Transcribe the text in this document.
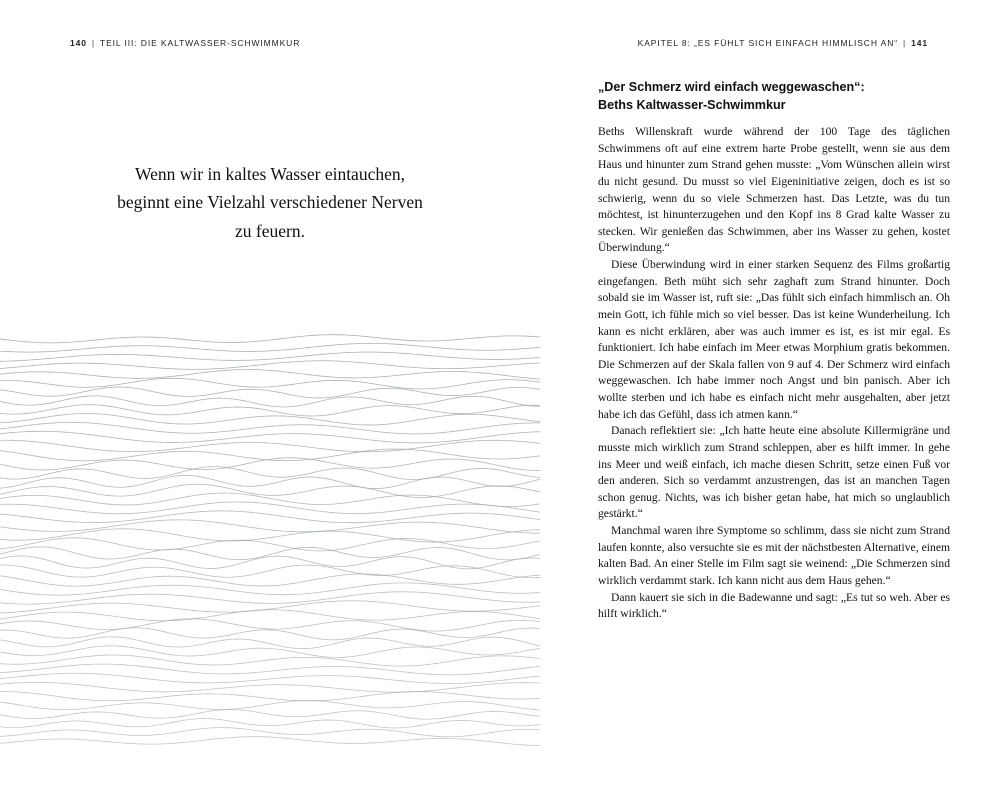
140 | TEIL III: DIE KALTWASSER-SCHWIMMKUR
Wenn wir in kaltes Wasser eintauchen,
beginnt eine Vielzahl verschiedener Nerven
zu feuern.
KAPITEL 8: „ES FÜHLT SICH EINFACH HIMMLISCH AN“ | 141
„Der Schmerz wird einfach weggewaschen“:
Beths Kaltwasser-Schwimmkur

Beths Willenskraft wurde während der 100 Tage des täglichen Schwimmens oft auf eine extrem harte Probe gestellt, wenn sie aus dem Haus und hinunter zum Strand gehen musste: „Vom Wünschen allein wirst du nicht gesund. Du musst so viel Eigeninitiative zeigen, doch es ist so schwierig, wenn du so viele Schmerzen hast. Das Letzte, was du tun möchtest, ist hinunterzugehen und den Kopf ins 8 Grad kalte Wasser zu stecken. Wir genießen das Schwimmen, aber ins Wasser zu gehen, kostet Überwindung.“

Diese Überwindung wird in einer starken Sequenz des Films großartig eingefangen. Beth müht sich sehr zaghaft zum Strand hinunter. Doch sobald sie im Wasser ist, ruft sie: „Das fühlt sich einfach himmlisch an. Oh mein Gott, ich fühle mich so viel besser. Das ist keine Wunderheilung. Ich kann es nicht erklären, aber was auch immer es ist, es ist mir egal. Es funktioniert. Ich habe einfach im Meer etwas Morphium gratis bekommen. Die Schmerzen auf der Skala fallen von 9 auf 4. Der Schmerz wird einfach weggewaschen. Ich habe immer noch Angst und bin panisch. Aber ich wollte sterben und ich habe es einfach nicht mehr ausgehalten, aber jetzt habe ich das Gefühl, dass ich atmen kann.“

Danach reflektiert sie: „Ich hatte heute eine absolute Killermigräne und musste mich wirklich zum Strand schleppen, aber es hilft immer. In gehe ins Meer und weiß einfach, ich mache diesen Schritt, setze einen Fuß vor den anderen. Sich so verdammt anzustrengen, das ist an manchen Tagen schon genug. Nichts, was ich bisher getan habe, hat mich so unglaublich gestärkt.“

Manchmal waren ihre Symptome so schlimm, dass sie nicht zum Strand laufen konnte, also versuchte sie es mit der nächstbesten Alternative, einem kalten Bad. An einer Stelle im Film sagt sie weinend: „Die Schmerzen sind wirklich verdammt stark. Ich kann nicht aus dem Haus gehen.“

Dann kauert sie sich in die Badewanne und sagt: „Es tut so weh. Aber es hilft wirklich.“
